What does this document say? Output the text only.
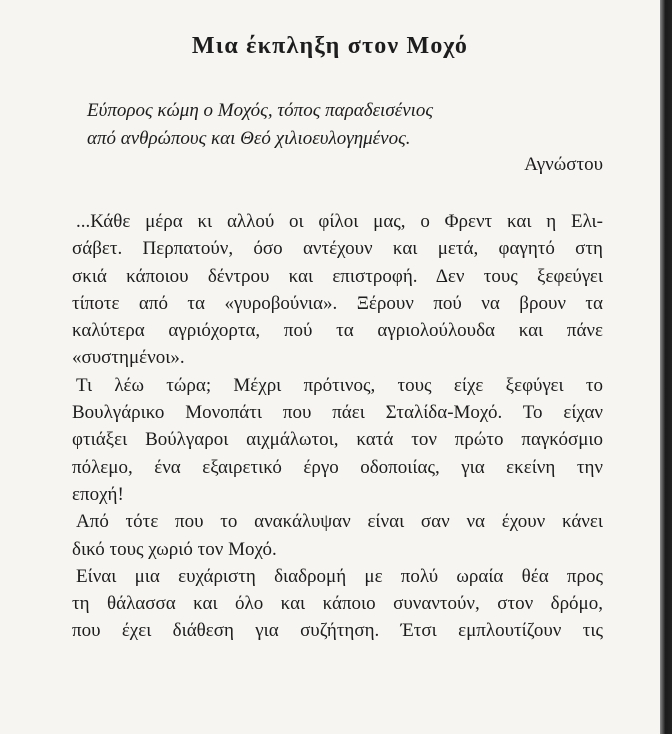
Μια έκπληξη στον Μοχό
Εύπορος κώμη ο Μοχός, τόπος παραδεισένιος
από ανθρώπους και Θεό χιλιοευλογημένος.
Αγνώστου

...Κάθε μέρα κι αλλού οι φίλοι μας, ο Φρεντ και η Ελι-
σάβετ. Περπατούν, όσο αντέχουν και μετά, φαγητό στη
σκιά κάποιου δέντρου και επιστροφή. Δεν τους ξεφεύγει
τίποτε από τα «γυροβούνια». Ξέρουν πού να βρουν τα
καλύτερα αγριόχορτα, πού τα αγριολούλουδα και πάνε
«συστημένοι».

Τι λέω τώρα; Μέχρι πρότινος, τους είχε ξεφύγει το
Βουλγάρικο Μονοπάτι που πάει Σταλίδα-Μοχό. Το είχαν
φτιάξει Βούλγαροι αιχμάλωτοι, κατά τον πρώτο παγκόσμιο
πόλεμο, ένα εξαιρετικό έργο οδοποιίας, για εκείνη την
εποχή!

Από τότε που το ανακάλυψαν είναι σαν να έχουν κάνει
δικό τους χωριό τον Μοχό.

Είναι μια ευχάριστη διαδρομή με πολύ ωραία θέα προς
τη θάλασσα και όλο και κάποιο συναντούν, στον δρόμο,
που έχει διάθεση για συζήτηση. Έτσι εμπλουτίζουν τις
